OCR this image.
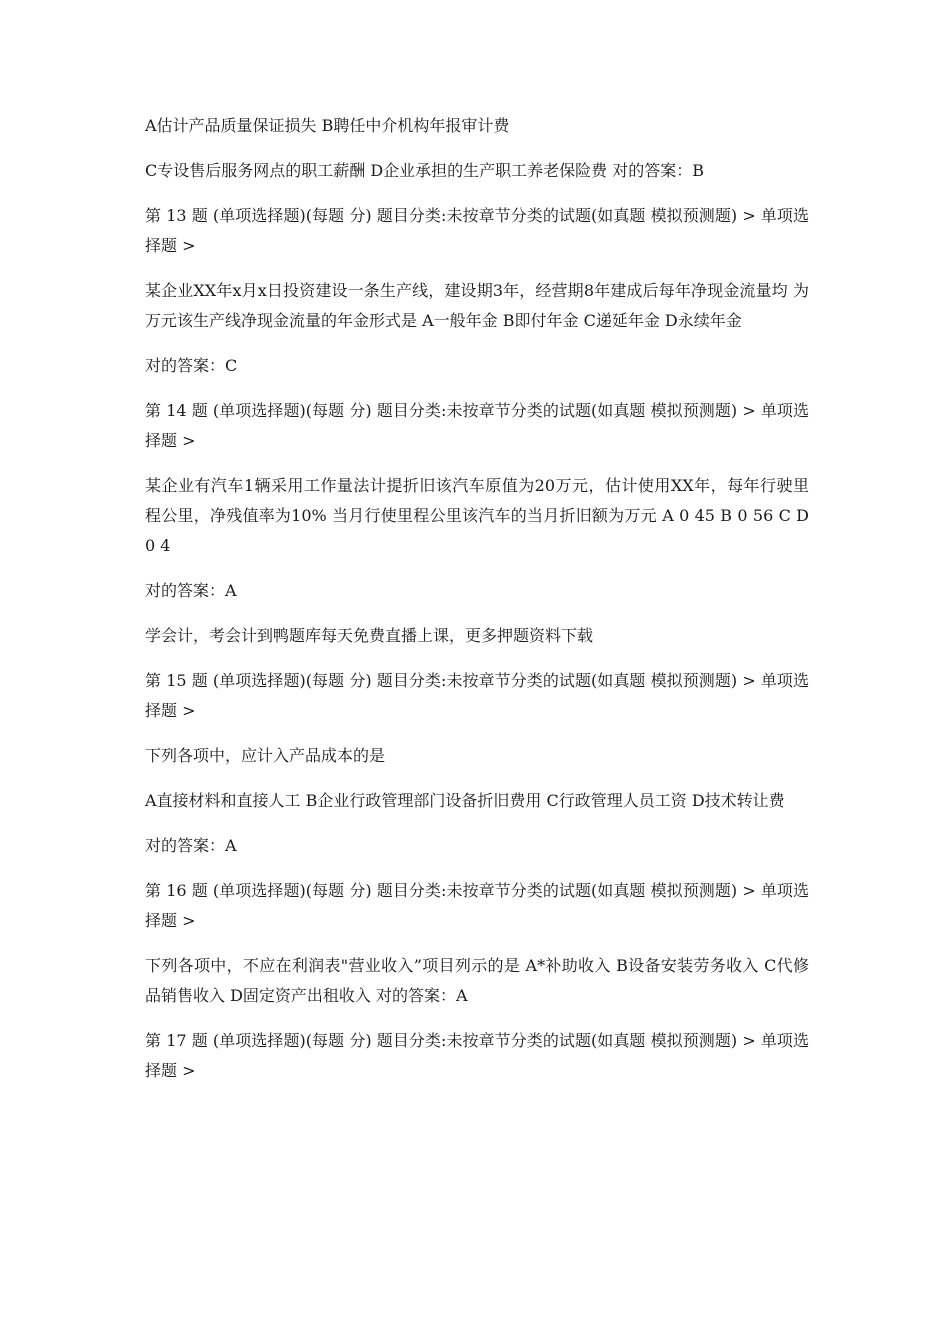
A估计产品质量保证损失 B聘任中介机构年报审计费

C专设售后服务网点的职工薪酬 D企业承担的生产职工养老保险费 对的答案：B

第 13 题 (单项选择题)(每题 分) 题目分类:未按章节分类的试题(如真题 模拟预测题) > 单项选择题 >

某企业XX年x月x日投资建设一条生产线，建设期3年，经营期8年建成后每年净现金流量均 为万元该生产线净现金流量的年金形式是 A一般年金 B即付年金 C递延年金 D永续年金

对的答案：C

第 14 题 (单项选择题)(每题 分) 题目分类:未按章节分类的试题(如真题 模拟预测题) > 单项选择题 >

某企业有汽车1辆采用工作量法计提折旧该汽车原值为20万元，估计使用XX年，每年行驶里 程公里，净残值率为10% 当月行使里程公里该汽车的当月折旧额为万元 A 0 45 B 0 56 C D 0 4

对的答案：A

学会计，考会计到鸭题库每天免费直播上课，更多押题资料下载

第 15 题 (单项选择题)(每题 分) 题目分类:未按章节分类的试题(如真题 模拟预测题) > 单项选择题 >

下列各项中，应计入产品成本的是

A直接材料和直接人工 B企业行政管理部门设备折旧费用 C行政管理人员工资 D技术转让费

对的答案：A

第 16 题 (单项选择题)(每题 分) 题目分类:未按章节分类的试题(如真题 模拟预测题) > 单项选择题 >

下列各项中，不应在利润表"营业收入”项目列示的是 A*补助收入 B设备安装劳务收入 C代修品销售收入 D固定资产出租收入 对的答案：A

第 17 题 (单项选择题)(每题 分) 题目分类:未按章节分类的试题(如真题 模拟预测题) > 单项选择题 >
